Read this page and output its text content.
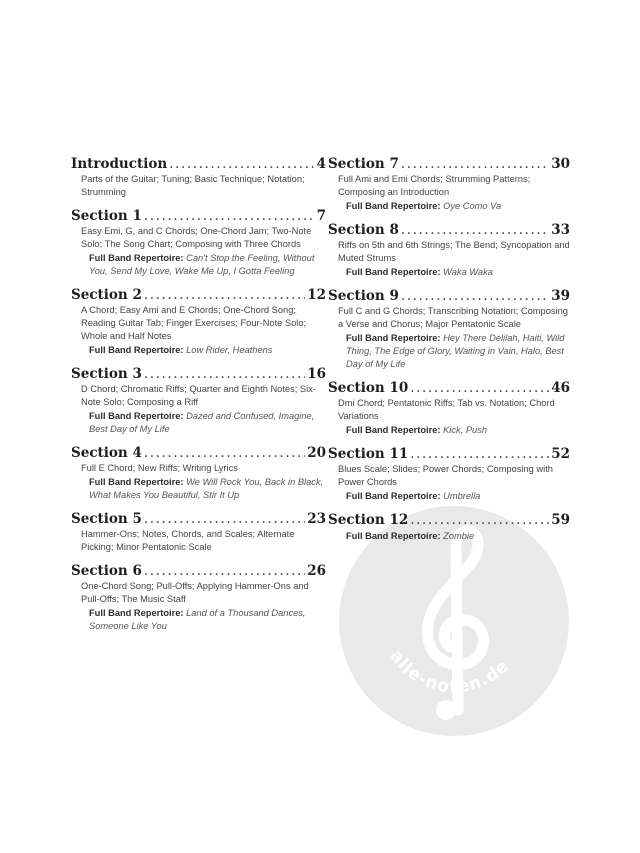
alle-noten.de
Introduction .....	4
Parts of the Guitar; Tuning; Basic Technique; Notation; Strumming
Section 1 .....	7
Easy Emi, G, and C Chords; One-Chord Jam; Two-Note Solo; The Song Chart; Composing with Three Chords
Full Band Repertoire: Can't Stop the Feeling, Without You, Send My Love, Wake Me Up, I Gotta Feeling
Section 2 .....	12
A Chord; Easy Ami and E Chords; One-Chord Song; Reading Guitar Tab; Finger Exercises; Four-Note Solo; Whole and Half Notes
Full Band Repertoire: Low Rider, Heathens
Section 3 .....	16
D Chord; Chromatic Riffs; Quarter and Eighth Notes; Six-Note Solo; Composing a Riff
Full Band Repertoire: Dazed and Confused, Imagine, Best Day of My Life
Section 4 .....	20
Full E Chord; New Riffs; Writing Lyrics
Full Band Repertoire: We Will Rock You, Back in Black, What Makes You Beautiful, Stir It Up
Section 5 .....	23
Hammer-Ons; Notes, Chords, and Scales; Alternate Picking; Minor Pentatonic Scale
Section 6 .....	26
One-Chord Song; Pull-Offs; Applying Hammer-Ons and Pull-Offs; The Music Staff
Full Band Repertoire: Land of a Thousand Dances, Someone Like You
Section 7 .....	30
Full Ami and Emi Chords; Strumming Patterns; Composing an Introduction
Full Band Repertoire: Oye Como Va
Section 8 .....	33
Riffs on 5th and 6th Strings; The Bend; Syncopation and Muted Strums
Full Band Repertoire: Waka Waka
Section 9 .....	39
Full C and G Chords; Transcribing Notation; Composing a Verse and Chorus; Major Pentatonic Scale
Full Band Repertoire: Hey There Delilah, Haiti, Wild Thing, The Edge of Glory, Waiting in Vain, Halo, Best Day of My Life
Section 10 .....	46
Dmi Chord; Pentatonic Riffs; Tab vs. Notation; Chord Variations
Full Band Repertoire: Kick, Push
Section 11 .....	52
Blues Scale; Slides; Power Chords; Composing with Power Chords
Full Band Repertoire: Umbrella
Section 12 .....	59
Full Band Repertoire: Zombie
